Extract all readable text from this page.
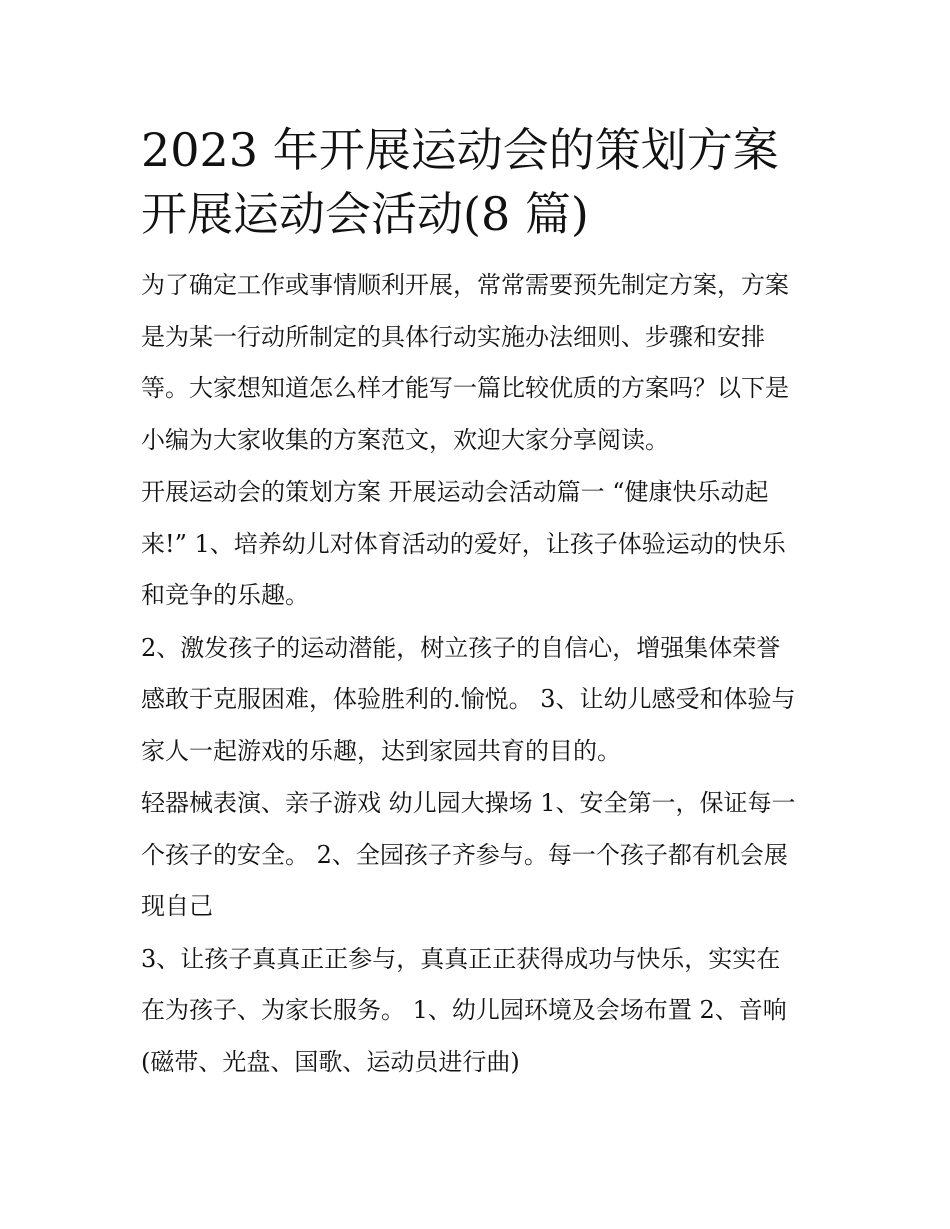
2023 年开展运动会的策划方案
开展运动会活动(8 篇)

为了确定工作或事情顺利开展，常常需要预先制定方案，方案
是为某一行动所制定的具体行动实施办法细则、步骤和安排
等。大家想知道怎么样才能写一篇比较优质的方案吗？以下是
小编为大家收集的方案范文，欢迎大家分享阅读。

开展运动会的策划方案 开展运动会活动篇一 “健康快乐动起
来!” 1、培养幼儿对体育活动的爱好，让孩子体验运动的快乐
和竞争的乐趣。

2、激发孩子的运动潜能，树立孩子的自信心，增强集体荣誉
感敢于克服困难，体验胜利的.愉悦。 3、让幼儿感受和体验与
家人一起游戏的乐趣，达到家园共育的目的。

轻器械表演、亲子游戏 幼儿园大操场 1、安全第一，保证每一
个孩子的安全。 2、全园孩子齐参与。每一个孩子都有机会展
现自己

3、让孩子真真正正参与，真真正正获得成功与快乐，实实在
在为孩子、为家长服务。 1、幼儿园环境及会场布置 2、音响
(磁带、光盘、国歌、运动员进行曲)
